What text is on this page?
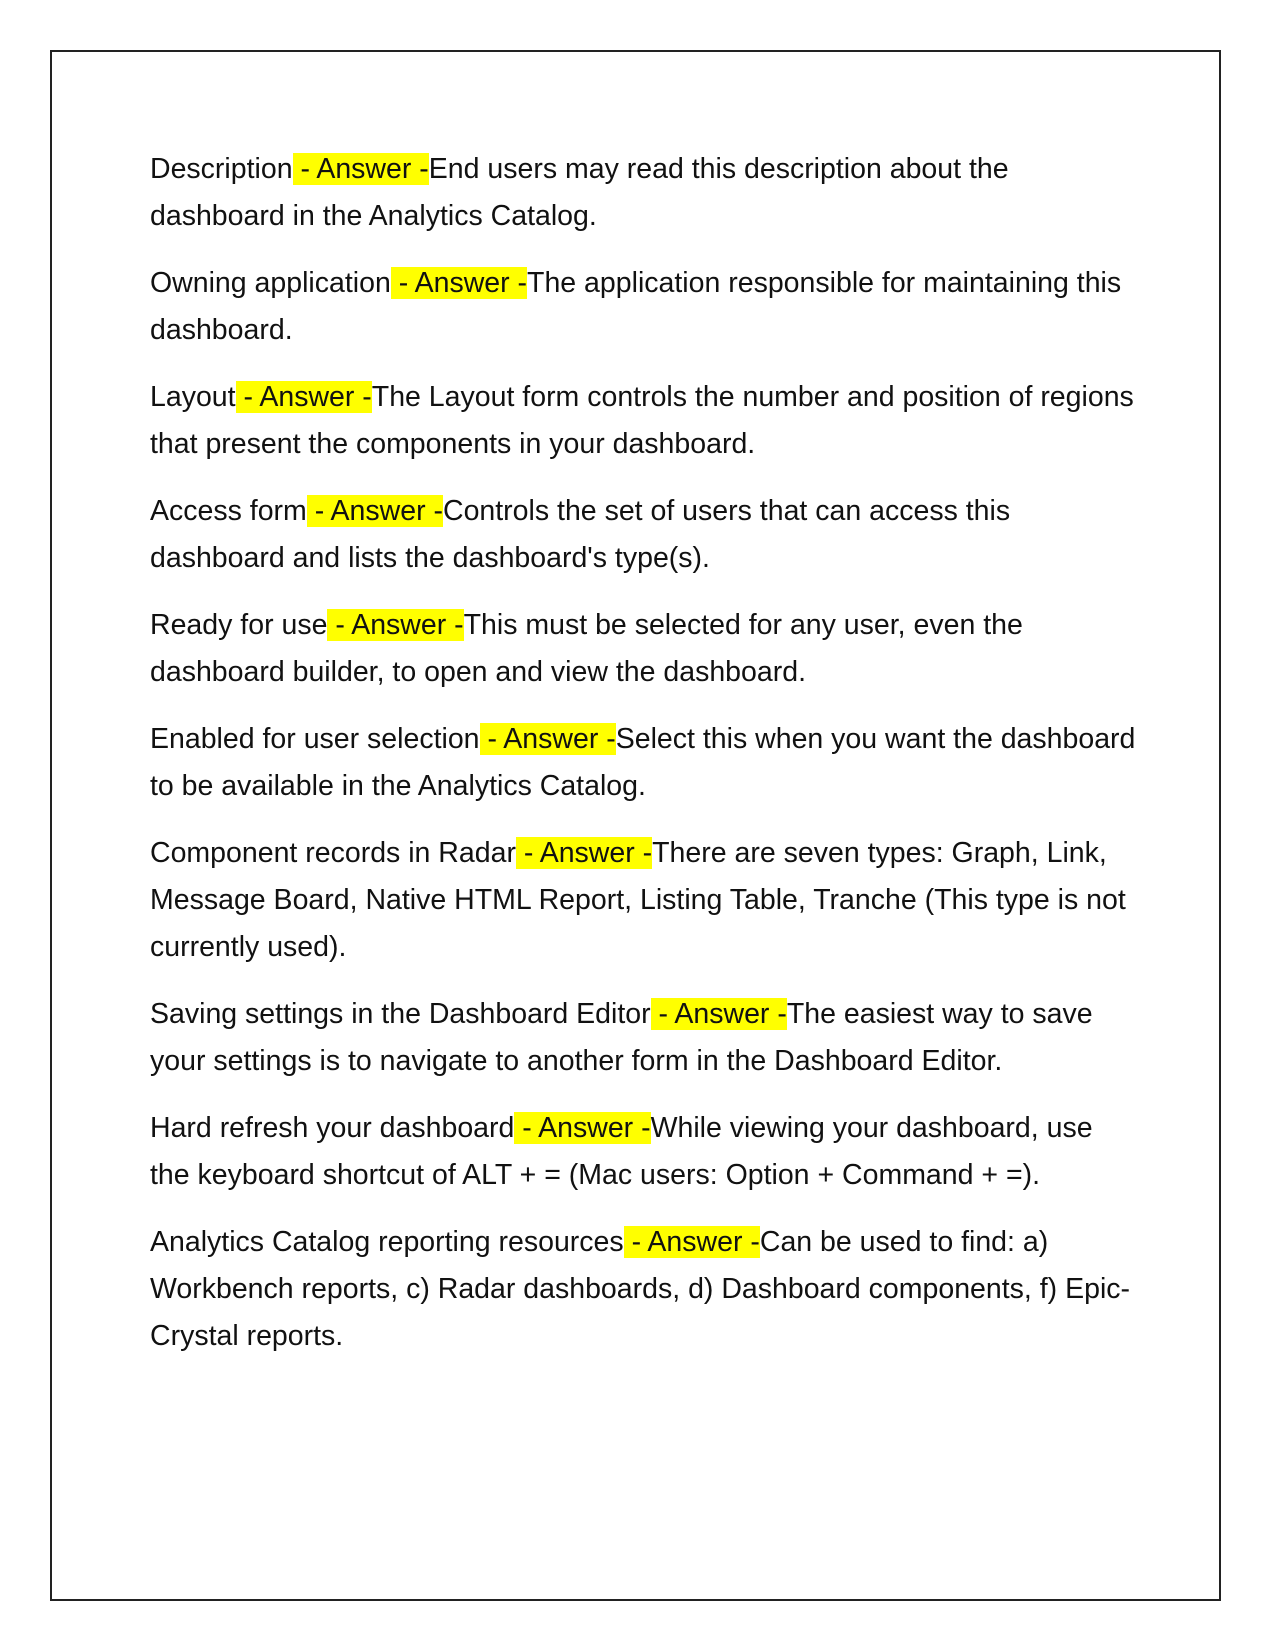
Description - Answer -End users may read this description about the dashboard in the Analytics Catalog.

Owning application - Answer -The application responsible for maintaining this dashboard.

Layout - Answer -The Layout form controls the number and position of regions that present the components in your dashboard.

Access form - Answer -Controls the set of users that can access this dashboard and lists the dashboard's type(s).

Ready for use - Answer -This must be selected for any user, even the dashboard builder, to open and view the dashboard.

Enabled for user selection - Answer -Select this when you want the dashboard to be available in the Analytics Catalog.

Component records in Radar - Answer -There are seven types: Graph, Link, Message Board, Native HTML Report, Listing Table, Tranche (This type is not currently used).

Saving settings in the Dashboard Editor - Answer -The easiest way to save your settings is to navigate to another form in the Dashboard Editor.

Hard refresh your dashboard - Answer -While viewing your dashboard, use the keyboard shortcut of ALT + = (Mac users: Option + Command + =).

Analytics Catalog reporting resources - Answer -Can be used to find: a) Workbench reports, c) Radar dashboards, d) Dashboard components, f) Epic-Crystal reports.
